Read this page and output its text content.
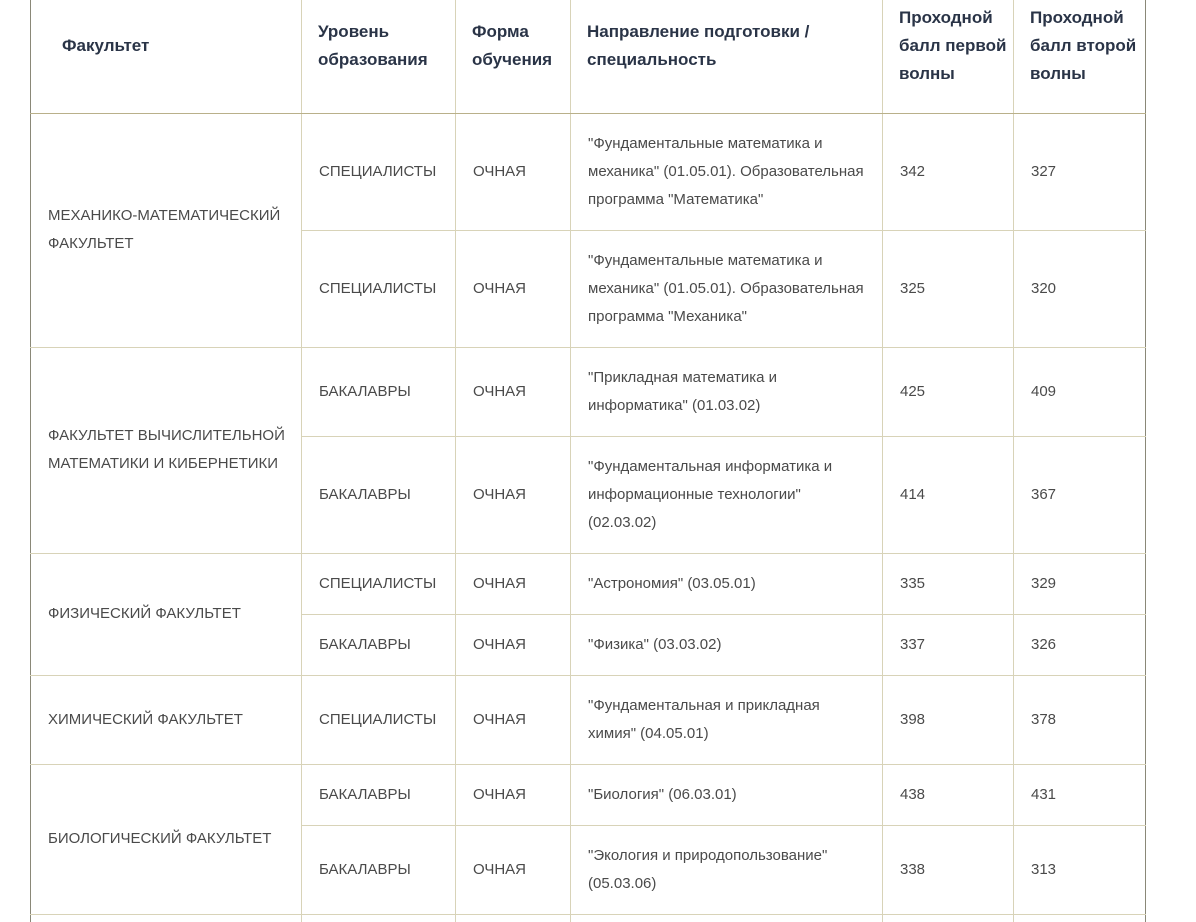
Факультет	Уровень образования	Форма обучения	Направление подготовки / специальность	Проходной балл первой волны	Проходной балл второй волны
МЕХАНИКО-МАТЕМАТИЧЕСКИЙ ФАКУЛЬТЕТ	СПЕЦИАЛИСТЫ	ОЧНАЯ	"Фундаментальные математика и механика" (01.05.01). Образовательная программа "Математика"	342	327
	СПЕЦИАЛИСТЫ	ОЧНАЯ	"Фундаментальные математика и механика" (01.05.01). Образовательная программа "Механика"	325	320
ФАКУЛЬТЕТ ВЫЧИСЛИТЕЛЬНОЙ МАТЕМАТИКИ И КИБЕРНЕТИКИ	БАКАЛАВРЫ	ОЧНАЯ	"Прикладная математика и информатика" (01.03.02)	425	409
	БАКАЛАВРЫ	ОЧНАЯ	"Фундаментальная информатика и информационные технологии" (02.03.02)	414	367
ФИЗИЧЕСКИЙ ФАКУЛЬТЕТ	СПЕЦИАЛИСТЫ	ОЧНАЯ	"Астрономия" (03.05.01)	335	329
	БАКАЛАВРЫ	ОЧНАЯ	"Физика" (03.03.02)	337	326
ХИМИЧЕСКИЙ ФАКУЛЬТЕТ	СПЕЦИАЛИСТЫ	ОЧНАЯ	"Фундаментальная и прикладная химия" (04.05.01)	398	378
БИОЛОГИЧЕСКИЙ ФАКУЛЬТЕТ	БАКАЛАВРЫ	ОЧНАЯ	"Биология" (06.03.01)	438	431
	БАКАЛАВРЫ	ОЧНАЯ	"Экология и природопользование" (05.03.06)	338	313
